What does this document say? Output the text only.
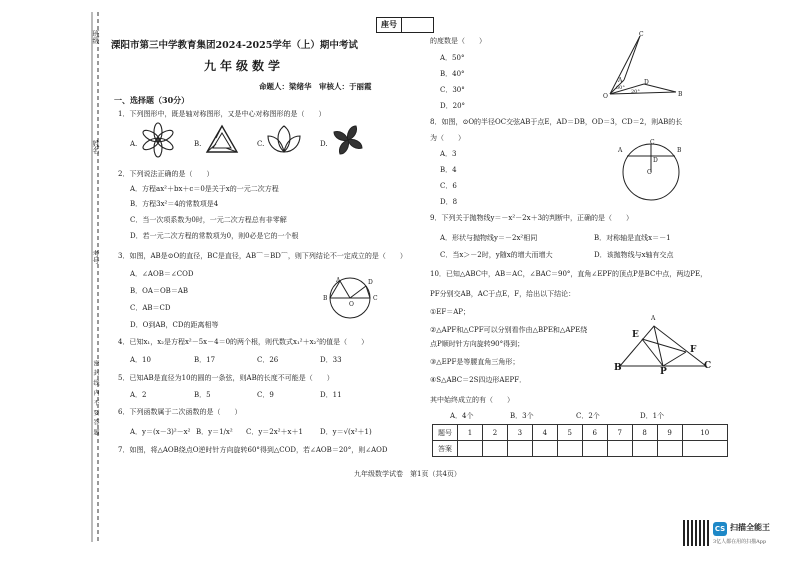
班级
姓名
考号
密 封 线 内 不 要 答 题
座号
溧阳市第三中学教育集团2024-2025学年（上）期中考试
九年级数学
命题人：梁绪华　审核人：于丽霞
一、选择题（30分）
1．下列图形中，既是轴对称图形，又是中心对称图形的是（　　）
A.	B.	C.	D.
2．下列说法正确的是（　　）
A．方程ax²＋bx＋c＝0是关于x的一元二次方程
B．方程3x²＝4的常数项是4
C．当一次项系数为0时，一元二次方程总有非零解
D．若一元二次方程的常数项为0，则0必是它的一个根
3．如图，AB是⊙O的直径，BC是直径，AB⌒＝BD⌒，则下列结论不一定成立的是（　　）
A．∠AOB＝∠COD
B．OA＝OB＝AB
C．AB＝CD
D．O到AB，CD的距离相等
A	D
B
O
C
4．已知x₁，x₂是方程x²－5x－4＝0的两个根，则代数式x₁²＋x₂²的值是（　　）
A．10	B．17	C．26	D．33
5．已知AB是直径为10的圆的一条弦，则AB的长度不可能是（　　）
A．2	B．5	C．9	D．11
6．下列函数属于二次函数的是（　　）
A．y＝(x－3)²－x² B．y＝1/x² C．y＝2x²＋x＋1 D．y＝√(x²＋1)
7．如图，将△AOB绕点O逆时针方向旋转60°得到△COD，若∠AOB＝20°，则∠AOD
的度数是（　　）
A．50°
B．40°
C．30°
D．20°
C
A	D
O	B
60°
20°
8．如图，⊙O的半径OC交弦AB于点E，AD＝DB，OD＝3，CD＝2，则AB的长
为（　　）
A．3
B．4
C．6
D．8
A
C
B
D
O
9．下列关于抛物线y＝－x²－2x＋3的判断中，正确的是（　　）
A．形状与抛物线y＝－2x²相同	B．对称轴是直线x＝－1
C．当x＞－2时，y随x的增大而增大	D．该抛物线与x轴有交点
10．已知△ABC中，AB＝AC，∠BAC＝90°，直角∠EPF的顶点P是BC中点，两边PE，
PF分别交AB，AC于点E，F，给出以下结论：
①EF＝AP；
②△APF和△CPF可以分别看作由△BPE和△APE绕
点P顺时针方向旋转90°得到；
③△EPF是等腰直角三角形；
④S△ABC＝2S四边形AEPF．
其中始终成立的有（　　）
A．4个	B．3个	C．2个	D．1个
A
E
F
B	P
C
题号	1	2	3	4	5	6	7	8	9	10
答案										
九年级数学试卷　第1页（共4页）
CS 扫描全能王
3亿人都在用的扫描App
